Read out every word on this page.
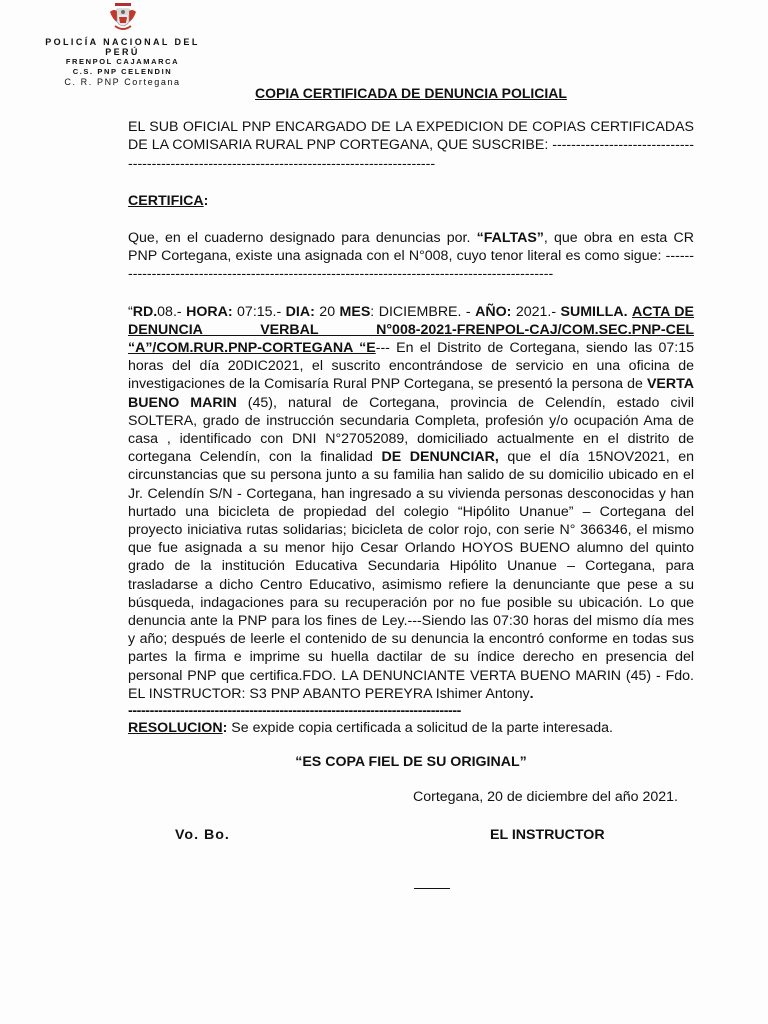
POLICÍA NACIONAL DEL PERÚ
FRENPOL CAJAMARCA
C.S. PNP CELENDIN
C. R. PNP Cortegana
COPIA CERTIFICADA DE DENUNCIA POLICIAL

EL SUB OFICIAL PNP ENCARGADO DE LA EXPEDICION DE COPIAS CERTIFICADAS DE LA COMISARIA RURAL PNP CORTEGANA, QUE SUSCRIBE: -----------------------------------------------------------------------------------------------

CERTIFICA:

Que, en el cuaderno designado para denuncias por. “FALTAS”, que obra en esta CR PNP Cortegana, existe una asignada con el N°008, cuyo tenor literal es como sigue: ------------------------------------------------------------------------------------------------

“RD.08.- HORA: 07:15.- DIA: 20 MES: DICIEMBRE. - AÑO: 2021.- SUMILLA. ACTA DE DENUNCIA VERBAL N°008-2021-FRENPOL-CAJ/COM.SEC.PNP-CEL “A”/COM.RUR.PNP-CORTEGANA “E--- En el Distrito de Cortegana, siendo las 07:15 horas del día 20DIC2021, el suscrito encontrándose de servicio en una oficina de investigaciones de la Comisaría Rural PNP Cortegana, se presentó la persona de VERTA BUENO MARIN (45), natural de Cortegana, provincia de Celendín, estado civil SOLTERA, grado de instrucción secundaria Completa, profesión y/o ocupación Ama de casa , identificado con DNI N°27052089, domiciliado actualmente en el distrito de cortegana Celendín, con la finalidad DE DENUNCIAR, que el día 15NOV2021, en circunstancias que su persona junto a su familia han salido de su domicilio ubicado en el Jr. Celendín S/N - Cortegana, han ingresado a su vivienda personas desconocidas y han hurtado una bicicleta de propiedad del colegio “Hipólito Unanue” – Cortegana del proyecto iniciativa rutas solidarias; bicicleta de color rojo, con serie N° 366346, el mismo que fue asignada a su menor hijo Cesar Orlando HOYOS BUENO alumno del quinto grado de la institución Educativa Secundaria Hipólito Unanue – Cortegana, para trasladarse a dicho Centro Educativo, asimismo refiere la denunciante que pese a su búsqueda, indagaciones para su recuperación por no fue posible su ubicación. Lo que denuncia ante la PNP para los fines de Ley.---Siendo las 07:30 horas del mismo día mes y año; después de leerle el contenido de su denuncia la encontró conforme en todas sus partes la firma e imprime su huella dactilar de su índice derecho en presencia del personal PNP que certifica.FDO. LA DENUNCIANTE VERTA BUENO MARIN (45) - Fdo. EL INSTRUCTOR: S3 PNP ABANTO PEREYRA Ishimer Antony.

-----------------------------------------------------------------------------

RESOLUCION: Se expide copia certificada a solicitud de la parte interesada.

“ES COPA FIEL DE SU ORIGINAL”
Cortegana, 20 de diciembre del año 2021.
Vo. Bo.	EL INSTRUCTOR
